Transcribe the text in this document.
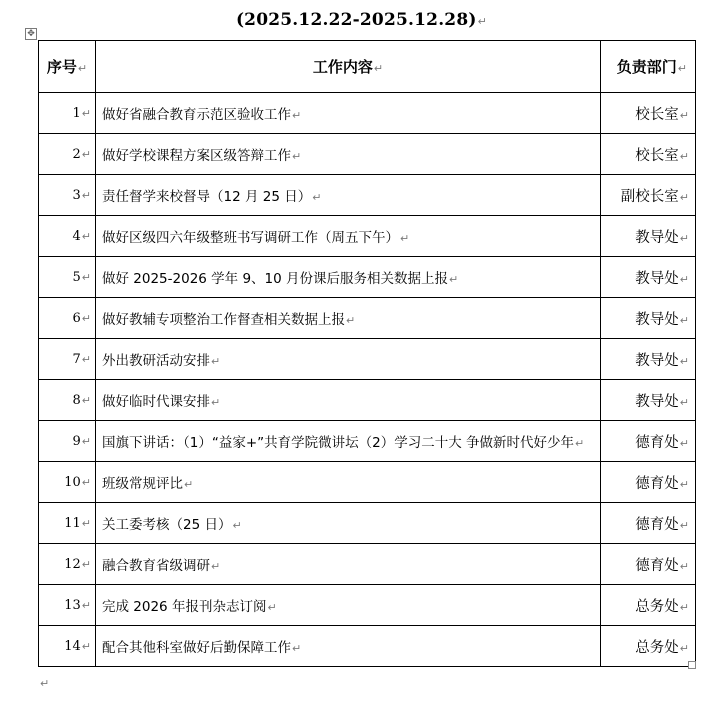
(2025.12.22-2025.12.28)↵
✥
序号↵	工作内容↵	负责部门↵
1↵	做好省融合教育示范区验收工作↵	校长室↵
2↵	做好学校课程方案区级答辩工作↵	校长室↵
3↵	责任督学来校督导（12 月 25 日）↵	副校长室↵
4↵	做好区级四六年级整班书写调研工作（周五下午）↵	教导处↵
5↵	做好 2025-2026 学年 9、10 月份课后服务相关数据上报↵	教导处↵
6↵	做好教辅专项整治工作督查相关数据上报↵	教导处↵
7↵	外出教研活动安排↵	教导处↵
8↵	做好临时代课安排↵	教导处↵
9↵	国旗下讲话：（1）“益家+”共育学院微讲坛（2）学习二十大 争做新时代好少年↵	德育处↵
10↵	班级常规评比↵	德育处↵
11↵	关工委考核（25 日）↵	德育处↵
12↵	融合教育省级调研↵	德育处↵
13↵	完成 2026 年报刊杂志订阅↵	总务处↵
14↵	配合其他科室做好后勤保障工作↵	总务处↵
↵
